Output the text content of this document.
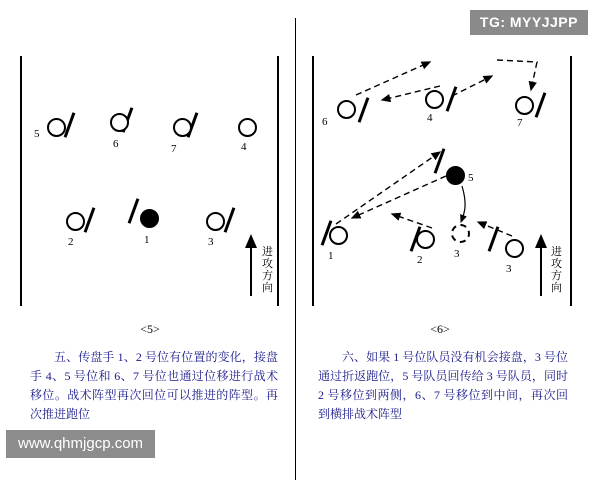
TG: MYYJJPP
www.qhmjgcp.com
5
6	7	4
2	1	3
进攻方向
<5>
6	4	7
5
1	2	3
3
进攻方向
<6>
五、传盘手 1、2 号位有位置的变化，接盘手 4、5 号位和 6、7 号位也通过位移进行战术移位。战术阵型再次回位可以推进的阵型。再次推进跑位
六、如果 1 号位队员没有机会接盘，3 号位通过折返跑位，5 号队员回传给 3 号队员，同时 2 号移位到两侧，6、7 号移位到中间，再次回到横排战术阵型
